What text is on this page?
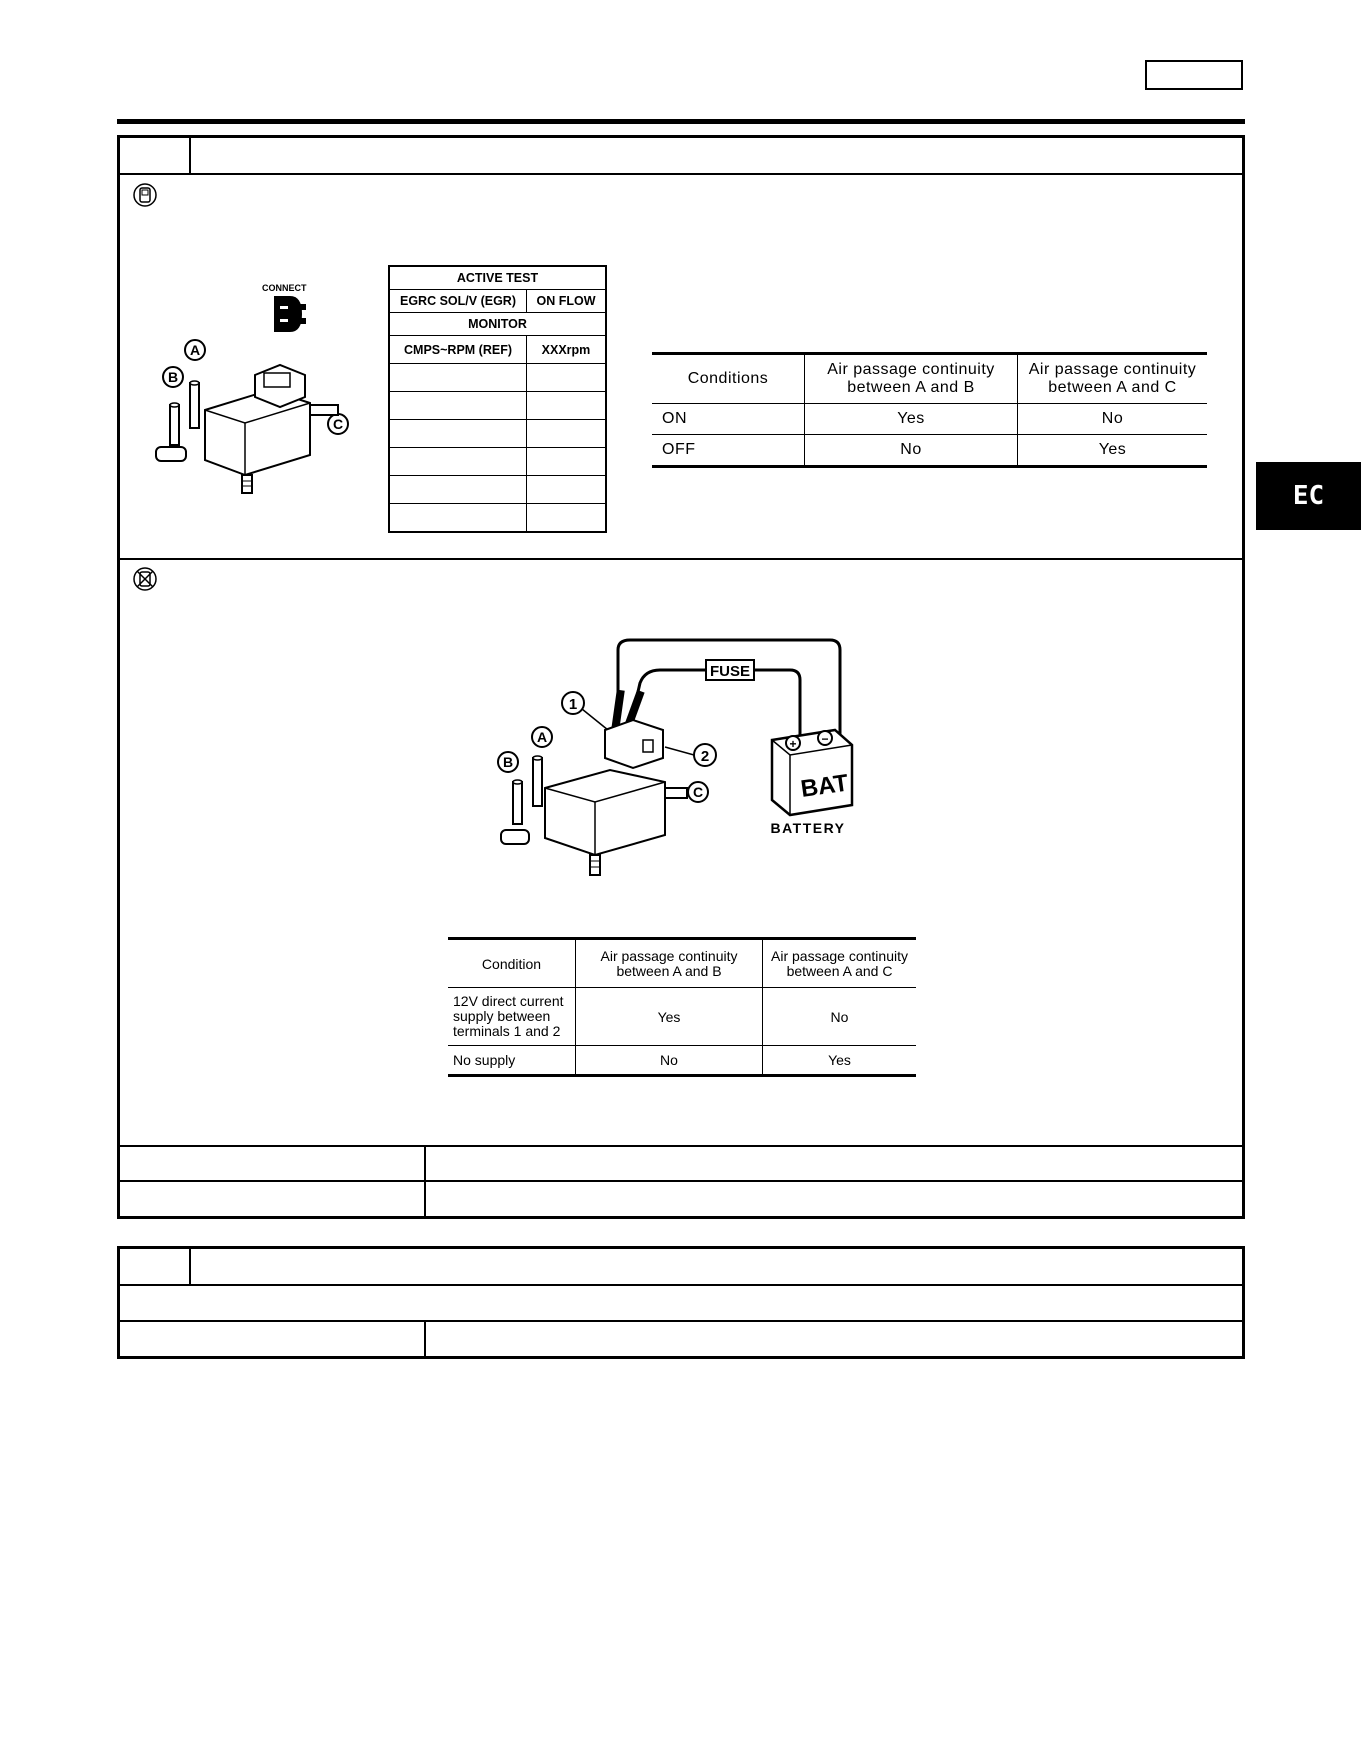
EC
CONNECT
A
B
C
ACTIVE TEST	
EGRC SOL/V (EGR)	ON FLOW
MONITOR	
CMPS~RPM (REF)	XXXrpm

Conditions	Air passage continuity between A and B	Air passage continuity between A and C
ON	Yes	No
OFF	No	Yes
FUSE
1
2
+ −
BAT
BATTERY
A
B
C
Condition	Air passage continuity between A and B	Air passage continuity between A and C
12V direct current supply between terminals 1 and 2	Yes	No
No supply	No	Yes
